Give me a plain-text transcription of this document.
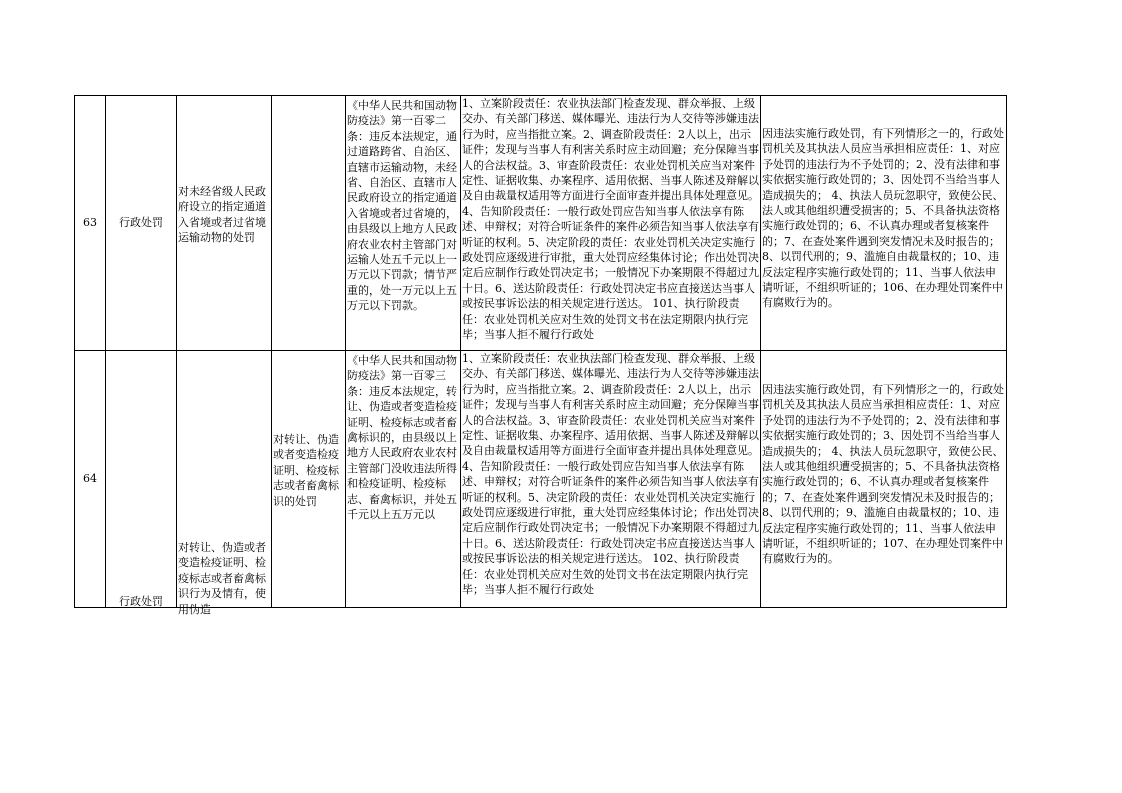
63 行政处罚
对未经省级人民政府设立的指定通道入省境或者过省境运输动物的处罚
《中华人民共和国动物防疫法》第一百零二条：违反本法规定，通过道路跨省、自治区、直辖市运输动物，未经省、自治区、直辖市人民政府设立的指定通道入省境或者过省境的，由县级以上地方人民政府农业农村主管部门对运输人处五千元以上一万元以下罚款；情节严重的，处一万元以上五万元以下罚款。
1、立案阶段责任：农业执法部门检查发现、群众举报、上级交办、有关部门移送、媒体曝光、违法行为人交待等涉嫌违法行为时，应当指批立案。2、调查阶段责任：2人以上，出示证件；发现与当事人有利害关系时应主动回避；充分保障当事人的合法权益。3、审查阶段责任：农业处罚机关应当对案件定性、证据收集、办案程序、适用依据、当事人陈述及辩解以及自由裁量权适用等方面进行全面审查并提出具体处理意见。4、告知阶段责任：一般行政处罚应告知当事人依法享有陈述、申辩权；对符合听证条件的案件必须告知当事人依法享有听证的权利。5、决定阶段的责任：农业处罚机关决定实施行政处罚应逐级进行审批，重大处罚应经集体讨论；作出处罚决定后应制作行政处罚决定书；一般情况下办案期限不得超过九十日。6、送达阶段责任：行政处罚决定书应直接送达当事人或按民事诉讼法的相关规定进行送达。 101、执行阶段责任：农业处罚机关应对生效的处罚文书在法定期限内执行完毕；当事人拒不履行行政处
因违法实施行政处罚，有下列情形之一的，行政处罚机关及其执法人员应当承担相应责任：1、对应予处罚的违法行为不予处罚的；2、没有法律和事实依据实施行政处罚的；3、因处罚不当给当事人造成损失的； 4、执法人员玩忽职守，致使公民、法人或其他组织遭受损害的；5、不具备执法资格实施行政处罚的；6、不认真办理或者复核案件的；7、在查处案件遇到突发情况未及时报告的；8、以罚代刑的；9、滥施自由裁量权的；10、违反法定程序实施行政处罚的；11、当事人依法申请听证，不组织听证的；106、在办理处罚案件中有腐败行为的。
64
行政处罚
对转让、伪造或者变造检疫证明、检疫标志或者畜禽标识行为及情有，使用伪造
对转让、伪造或者变造检疫证明、检疫标志或者畜禽标识的处罚
《中华人民共和国动物防疫法》第一百零三条：违反本法规定，转让、伪造或者变造检疫证明、检疫标志或者畜禽标识的，由县级以上地方人民政府农业农村主管部门没收违法所得和检疫证明、检疫标志、畜禽标识，并处五千元以上五万元以
1、立案阶段责任：农业执法部门检查发现、群众举报、上级交办、有关部门移送、媒体曝光、违法行为人交待等涉嫌违法行为时，应当指批立案。2、调查阶段责任：2人以上，出示证件；发现与当事人有利害关系时应主动回避；充分保障当事人的合法权益。3、审查阶段责任：农业处罚机关应当对案件定性、证据收集、办案程序、适用依据、当事人陈述及辩解以及自由裁量权适用等方面进行全面审查并提出具体处理意见。4、告知阶段责任：一般行政处罚应告知当事人依法享有陈述、申辩权；对符合听证条件的案件必须告知当事人依法享有听证的权利。5、决定阶段的责任：农业处罚机关决定实施行政处罚应逐级进行审批，重大处罚应经集体讨论；作出处罚决定后应制作行政处罚决定书；一般情况下办案期限不得超过九十日。6、送达阶段责任：行政处罚决定书应直接送达当事人或按民事诉讼法的相关规定进行送达。 102、执行阶段责任：农业处罚机关应对生效的处罚文书在法定期限内执行完毕；当事人拒不履行行政处
因违法实施行政处罚，有下列情形之一的，行政处罚机关及其执法人员应当承担相应责任：1、对应予处罚的违法行为不予处罚的；2、没有法律和事实依据实施行政处罚的；3、因处罚不当给当事人造成损失的； 4、执法人员玩忽职守，致使公民、法人或其他组织遭受损害的；5、不具备执法资格实施行政处罚的；6、不认真办理或者复核案件的；7、在查处案件遇到突发情况未及时报告的；8、以罚代刑的；9、滥施自由裁量权的；10、违反法定程序实施行政处罚的；11、当事人依法申请听证，不组织听证的；107、在办理处罚案件中有腐败行为的。
